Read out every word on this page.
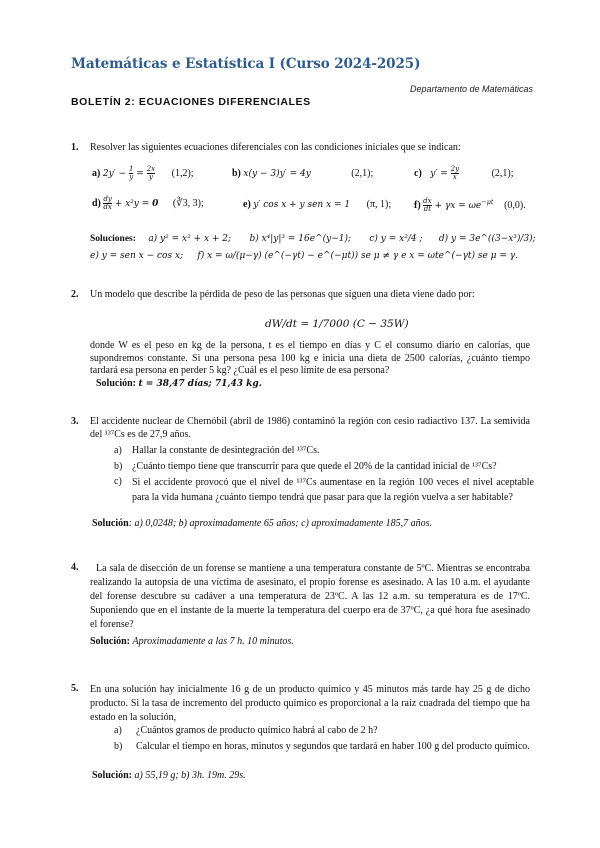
Matemáticas e Estatística I (Curso 2024-2025)
Departamento de Matemáticas
BOLETÍN 2: ECUACIONES DIFERENCIALES
1. Resolver las siguientes ecuaciones diferenciales con las condiciones iniciales que se indican:
a) $2y' - \frac{1}{y} = \frac{2x}{y} (1,2)$;	b) x(y − 3)y′ = 4y	(2,1);	c) $y' = \frac{2y}{x}$	(2,1);
$d) \frac{dy}{dx} + x^2y = 0$ (∛3, 3);	e) y′ cos x + y sen x = 1 (π, 1); $f) \frac{dx}{dt} + \gamma x = \omega e^{-\mu t}$ (0,0).
Soluciones: a) y² = x² + x + 2; b) x⁴|y|³ = 16e^(y−1); c) y = x²/4 ; d) y = 3e^((3−x³)/3);
e) y = sen x − cos x; f) x = ω/(μ−γ) (e^(−γt) − e^(−μt)) se μ ≠ γ e x = ωte^(−γt) se μ = γ.
2. Un modelo que describe la pérdida de peso de las personas que siguen una dieta viene dado por:
dW/dt = 1/7000 (C − 35W)
donde W es el peso en kg de la persona, t es el tiempo en días y C el consumo diario en calorías, que supondremos constante. Si una persona pesa 100 kg e inicia una dieta de 2500 calorías, ¿cuánto tiempo tardará esa persona en perder 5 kg? ¿Cuál es el peso límite de esa persona?
Solución: t = 38,47 días; 71,43 kg.
3. El accidente nuclear de Chernóbil (abril de 1986) contaminó la región con cesio radiactivo 137. La semivida del ¹³⁷Cs es de 27,9 años.
a)	Hallar la constante de desintegración del ¹³⁷Cs.
b) ¿Cuánto tiempo tiene que transcurrir para que quede el 20% de la cantidad inicial de ¹³⁷Cs?
c)	Si el accidente provocó que el nivel de ¹³⁷Cs aumentase en la región 100 veces el nivel aceptable para la vida humana ¿cuánto tiempo tendrá que pasar para que la región vuelva a ser habitable?
Solución: a) 0,0248; b) aproximadamente 65 años; c) aproximadamente 185,7 años.
4.	La sala de disección de un forense se mantiene a una temperatura constante de 5ºC. Mientras se encontraba realizando la autopsia de una víctima de asesinato, el propio forense es asesinado. A las 10 a.m. el ayudante del forense descubre su cadáver a una temperatura de 23ºC. A las 12 a.m. su temperatura es de 17ºC. Suponiendo que en el instante de la muerte la temperatura del cuerpo era de 37ºC, ¿a qué hora fue asesinado el forense?
Solución: Aproximadamente a las 7 h. 10 minutos.
5. En una solución hay inicialmente 16 g de un producto químico y 45 minutos más tarde hay 25 g de dicho producto. Si la tasa de incremento del producto químico es proporcional a la raíz cuadrada del tiempo que ha estado en la solución,
a)	¿Cuántos gramos de producto químico habrá al cabo de 2 h?
b)	Calcular el tiempo en horas, minutos y segundos que tardará en haber 100 g del producto químico.
Solución: a) 55,19 g; b) 3h. 19m. 29s.
